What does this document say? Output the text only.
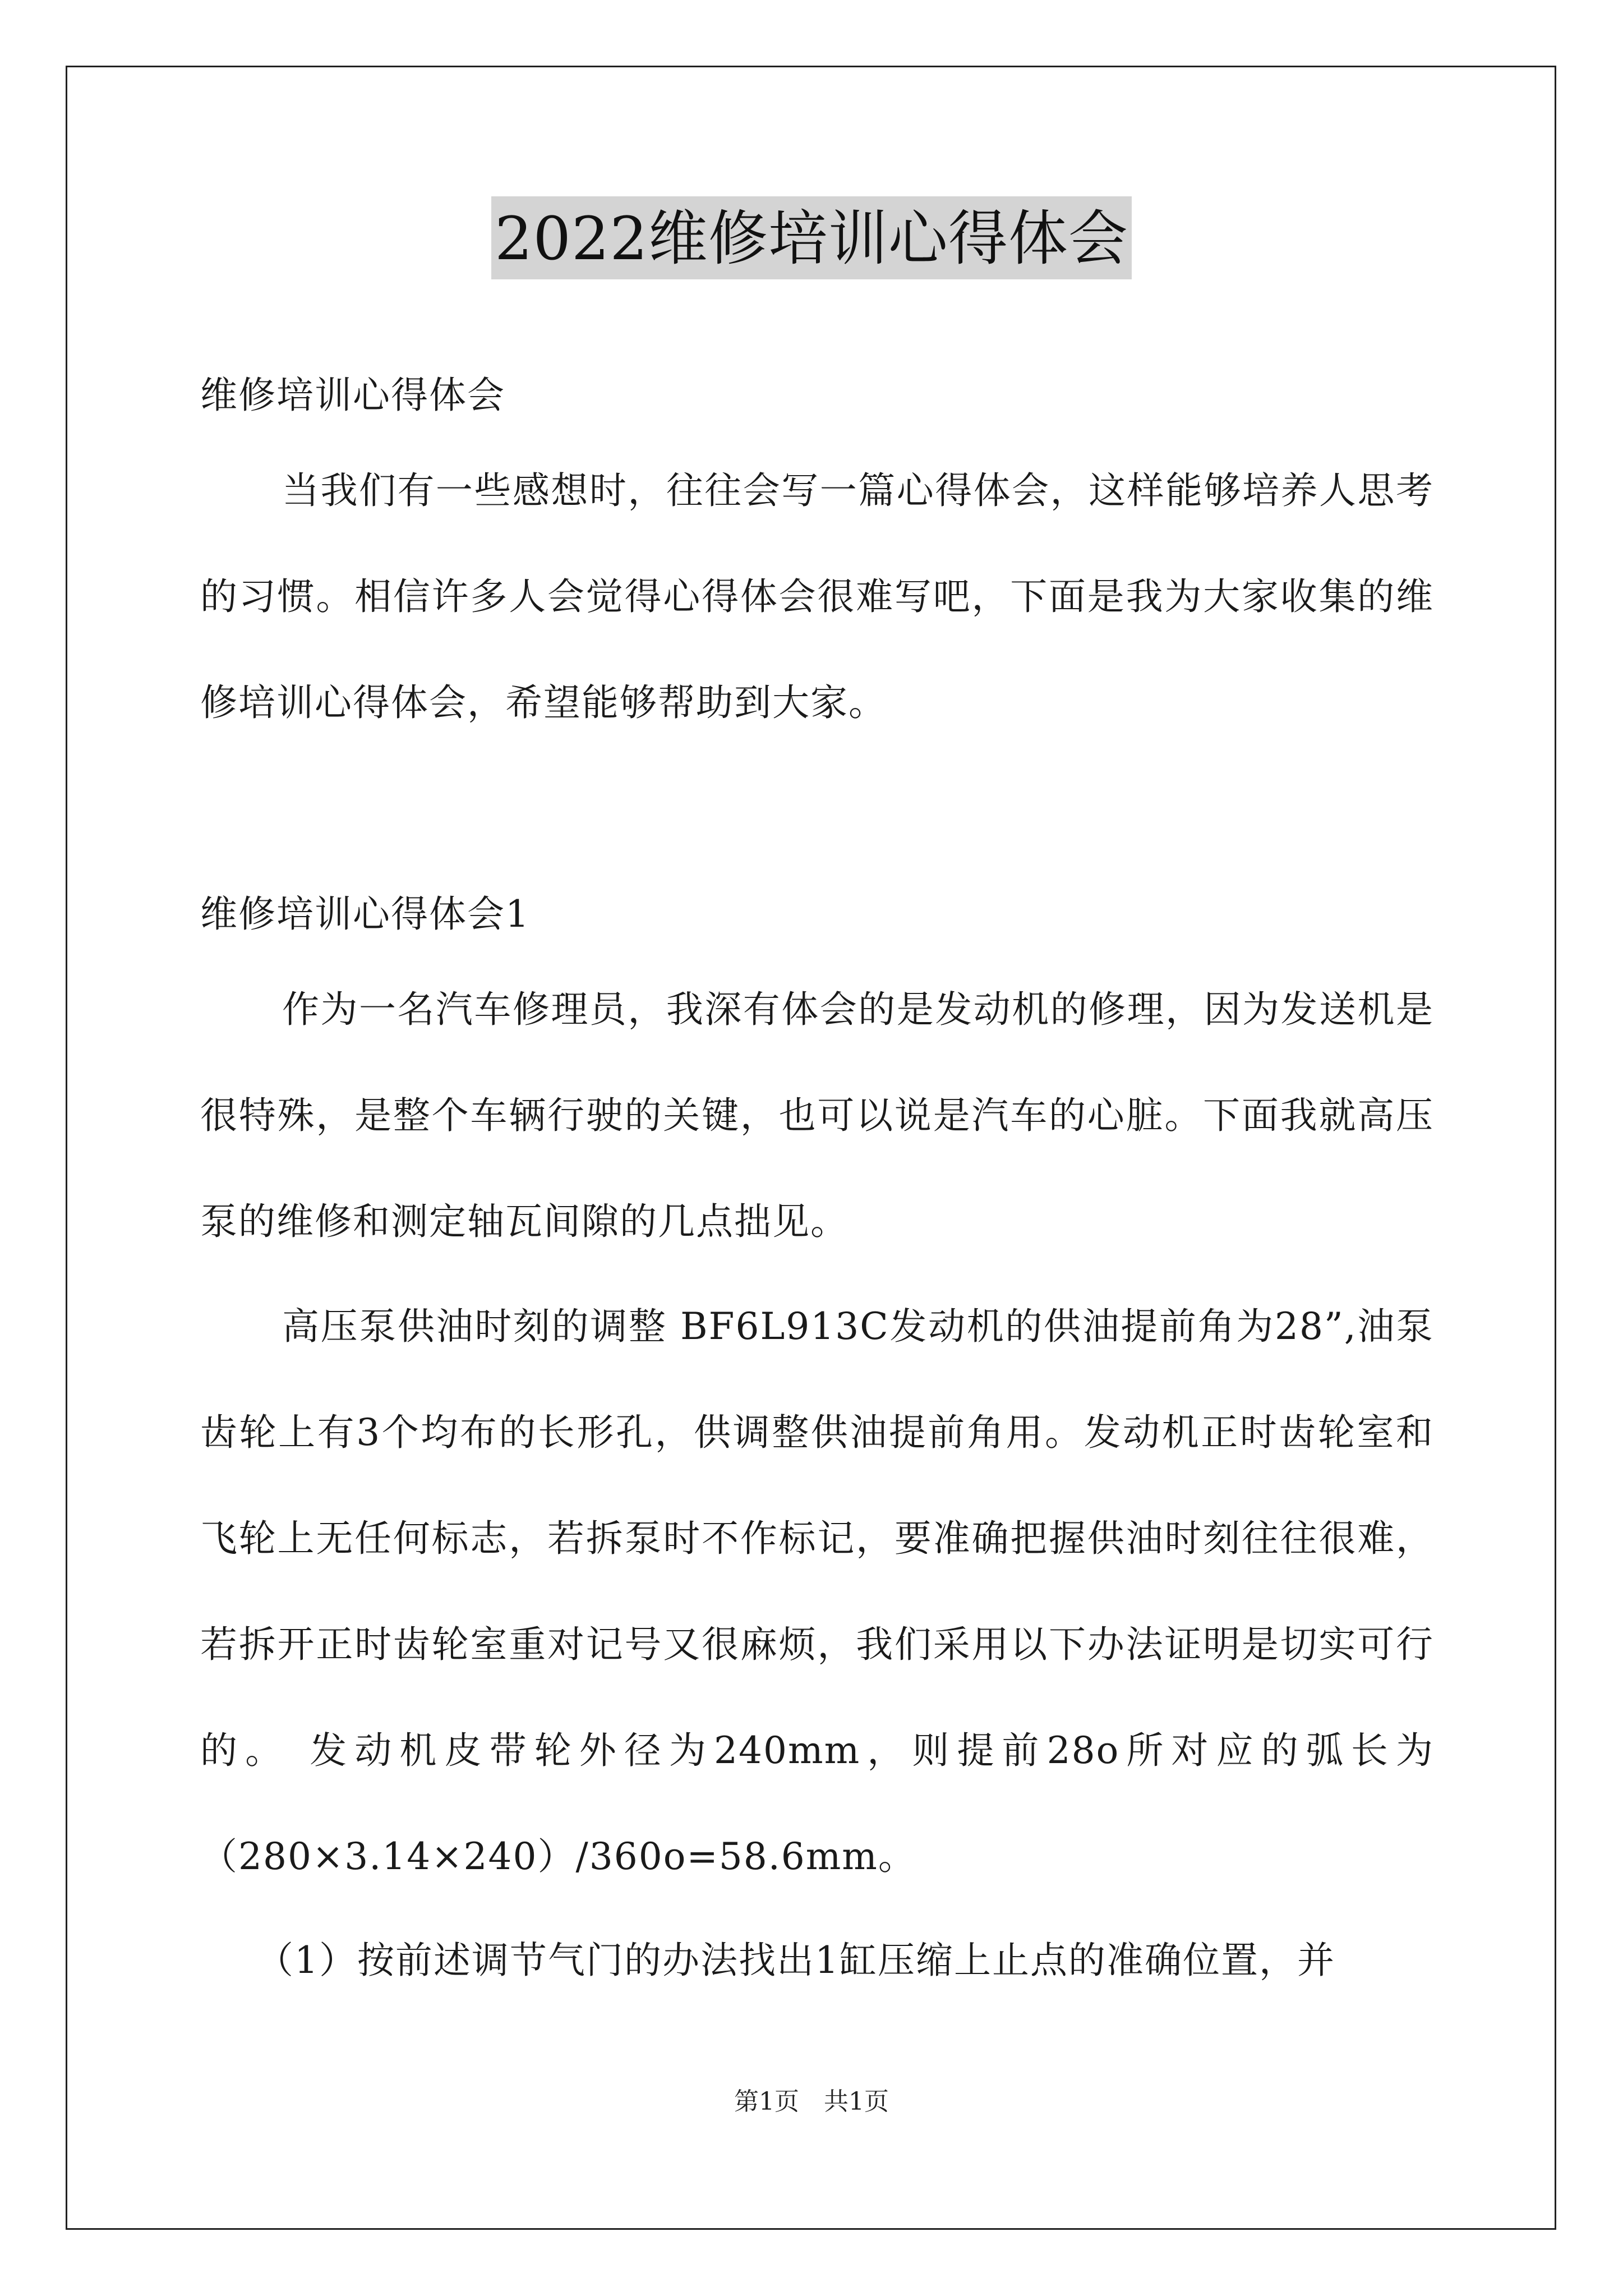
2022维修培训心得体会

维修培训心得体会

当我们有一些感想时，往往会写一篇心得体会，这样能够培养人思考的习惯。相信许多人会觉得心得体会很难写吧，下面是我为大家收集的维修培训心得体会，希望能够帮助到大家。

维修培训心得体会1

作为一名汽车修理员，我深有体会的是发动机的修理，因为发送机是很特殊，是整个车辆行驶的关键，也可以说是汽车的心脏。下面我就高压泵的维修和测定轴瓦间隙的几点拙见。

高压泵供油时刻的调整 BF6L913C发动机的供油提前角为28”,油泵齿轮上有3个均布的长形孔，供调整供油提前角用。发动机正时齿轮室和飞轮上无任何标志，若拆泵时不作标记，要准确把握供油时刻往往很难，若拆开正时齿轮室重对记号又很麻烦，我们采用以下办法证明是切实可行的。 发动机皮带轮外径为240mm，则提前28o所对应的弧长为（280×3.14×240）/360o=58.6mm。

（1）按前述调节气门的办法找出1缸压缩上止点的准确位置，并

第1页　共1页
